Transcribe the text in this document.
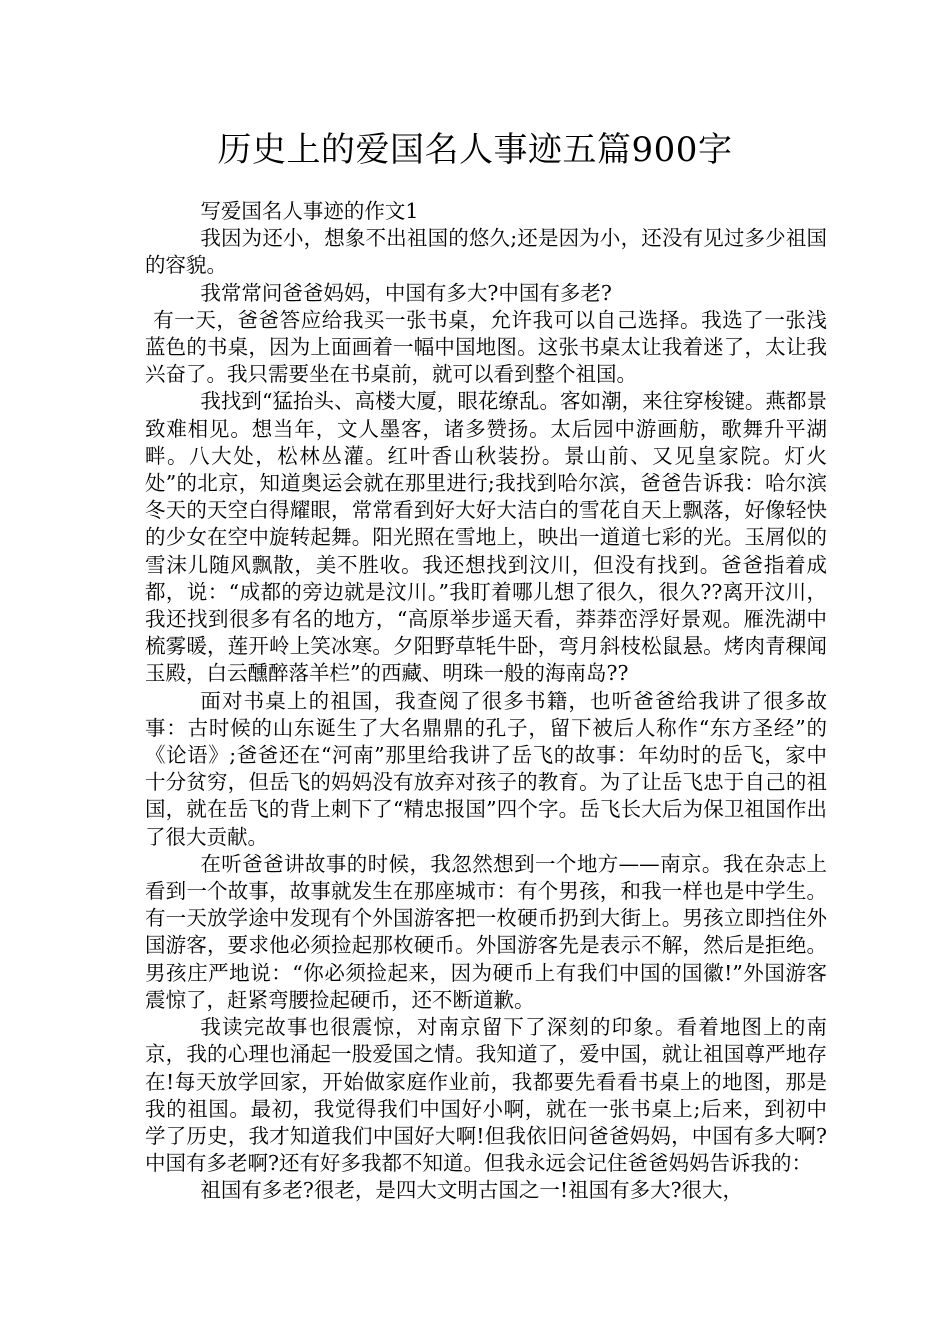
历史上的爱国名人事迹五篇900字

写爱国名人事迹的作文1

我因为还小，想象不出祖国的悠久;还是因为小，还没有见过多少祖国的容貌。

我常常问爸爸妈妈，中国有多大?中国有多老?

有一天，爸爸答应给我买一张书桌，允许我可以自己选择。我选了一张浅蓝色的书桌，因为上面画着一幅中国地图。这张书桌太让我着迷了，太让我兴奋了。我只需要坐在书桌前，就可以看到整个祖国。

我找到“猛抬头、高楼大厦，眼花缭乱。客如潮，来往穿梭键。燕都景致难相见。想当年，文人墨客，诸多赞扬。太后园中游画舫，歌舞升平湖畔。八大处，松林丛灌。红叶香山秋装扮。景山前、又见皇家院。灯火处”的北京，知道奥运会就在那里进行;我找到哈尔滨，爸爸告诉我：哈尔滨冬天的天空白得耀眼，常常看到好大好大洁白的雪花自天上飘落，好像轻快的少女在空中旋转起舞。阳光照在雪地上，映出一道道七彩的光。玉屑似的雪沫儿随风飘散，美不胜收。我还想找到汶川，但没有找到。爸爸指着成都，说：“成都的旁边就是汶川。”我盯着哪儿想了很久，很久??离开汶川，我还找到很多有名的地方，“高原举步遥天看，莽莽峦浮好景观。雁洗湖中梳雾暖，莲开岭上笑冰寒。夕阳野草牦牛卧，弯月斜枝松鼠悬。烤肉青稞闻玉殿，白云醺醉落羊栏”的西藏、明珠一般的海南岛??

面对书桌上的祖国，我查阅了很多书籍，也听爸爸给我讲了很多故事：古时候的山东诞生了大名鼎鼎的孔子，留下被后人称作“东方圣经”的《论语》;爸爸还在“河南”那里给我讲了岳飞的故事：年幼时的岳飞，家中十分贫穷，但岳飞的妈妈没有放弃对孩子的教育。为了让岳飞忠于自己的祖国，就在岳飞的背上刺下了“精忠报国”四个字。岳飞长大后为保卫祖国作出了很大贡献。

在听爸爸讲故事的时候，我忽然想到一个地方——南京。我在杂志上看到一个故事，故事就发生在那座城市：有个男孩，和我一样也是中学生。有一天放学途中发现有个外国游客把一枚硬币扔到大街上。男孩立即挡住外国游客，要求他必须捡起那枚硬币。外国游客先是表示不解，然后是拒绝。男孩庄严地说：“你必须捡起来，因为硬币上有我们中国的国徽!”外国游客震惊了，赶紧弯腰捡起硬币，还不断道歉。

我读完故事也很震惊，对南京留下了深刻的印象。看着地图上的南京，我的心理也涌起一股爱国之情。我知道了，爱中国，就让祖国尊严地存在!每天放学回家，开始做家庭作业前，我都要先看看书桌上的地图，那是我的祖国。最初，我觉得我们中国好小啊，就在一张书桌上;后来，到初中学了历史，我才知道我们中国好大啊!但我依旧问爸爸妈妈，中国有多大啊?中国有多老啊?还有好多我都不知道。但我永远会记住爸爸妈妈告诉我的：

祖国有多老?很老，是四大文明古国之一!祖国有多大?很大，
